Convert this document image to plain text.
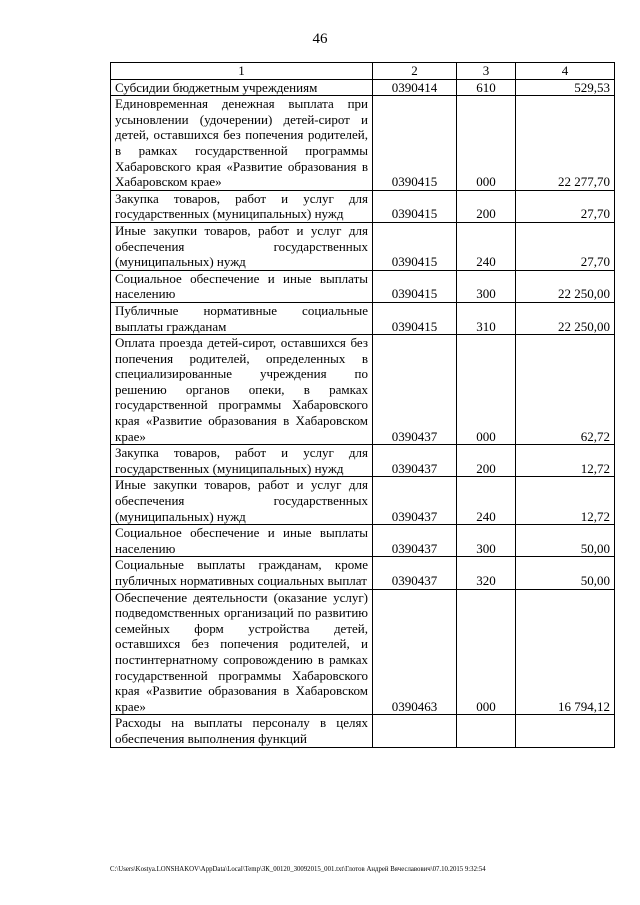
46
1	2	3	4
Субсидии бюджетным учреждениям	0390414	610	529,53
Единовременная денежная выплата при усыновлении (удочерении) детей-сирот и детей, оставшихся без попечения родителей, в рамках государственной программы Хабаровского края «Развитие образования в Хабаровском крае»	0390415	000	22 277,70
Закупка товаров, работ и услуг для государственных (муниципальных) нужд	0390415	200	27,70
Иные закупки товаров, работ и услуг для обеспечения государственных (муниципальных) нужд	0390415	240	27,70
Социальное обеспечение и иные выплаты населению	0390415	300	22 250,00
Публичные нормативные социальные выплаты гражданам	0390415	310	22 250,00
Оплата проезда детей-сирот, оставшихся без попечения родителей, определенных в специализированные учреждения по решению органов опеки, в рамках государственной программы Хабаровского края «Развитие образования в Хабаровском крае»	0390437	000	62,72
Закупка товаров, работ и услуг для государственных (муниципальных) нужд	0390437	200	12,72
Иные закупки товаров, работ и услуг для обеспечения государственных (муниципальных) нужд	0390437	240	12,72
Социальное обеспечение и иные выплаты населению	0390437	300	50,00
Социальные выплаты гражданам, кроме публичных нормативных социальных выплат	0390437	320	50,00
Обеспечение деятельности (оказание услуг) подведомственных организаций по развитию семейных форм устройства детей, оставшихся без попечения родителей, и постинтернатному сопровождению в рамках государственной программы Хабаровского края «Развитие образования в Хабаровском крае»	0390463	000	16 794,12
Расходы на выплаты персоналу в целях обеспечения выполнения функций			
C:\Users\Kostya.LONSHAKOV\AppData\Local\Temp\ЗК_00120_30092015_001.txt\Глотов Андрей Вячеславович\07.10.2015 9:32:54
